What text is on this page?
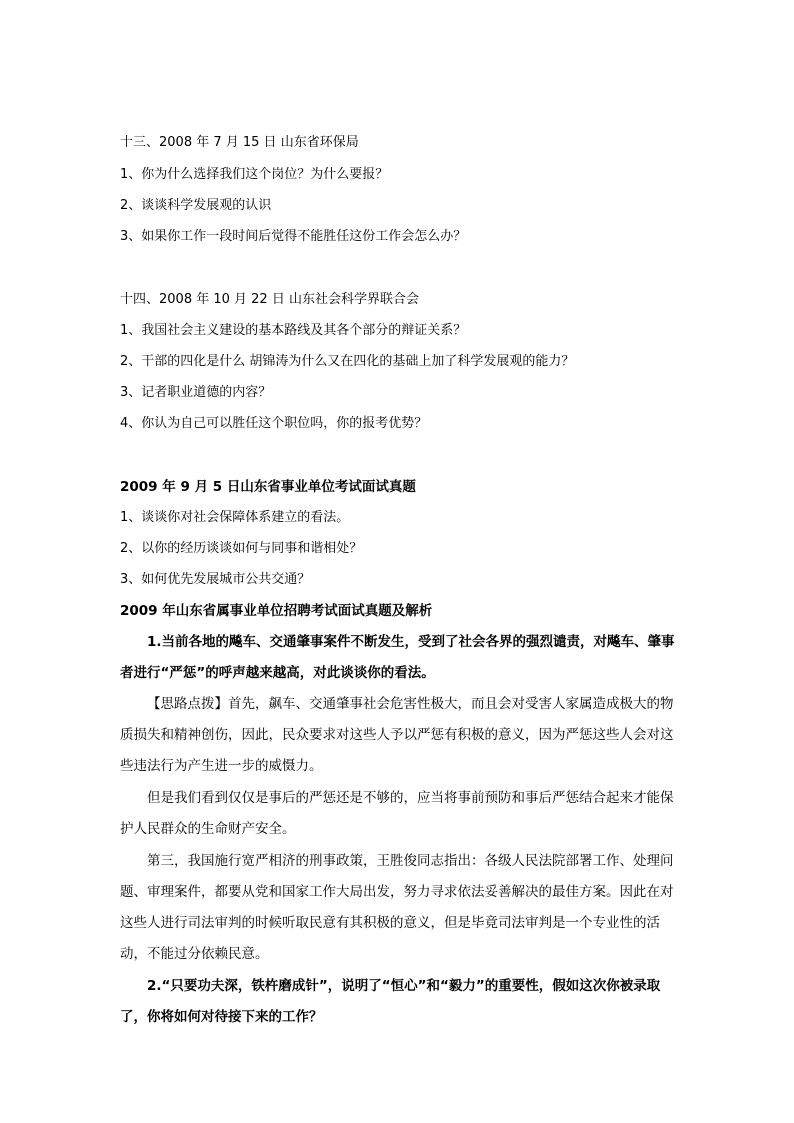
十三、2008 年 7 月 15 日 山东省环保局
1、你为什么选择我们这个岗位？为什么要报？
2、谈谈科学发展观的认识
3、如果你工作一段时间后觉得不能胜任这份工作会怎么办？
十四、2008 年 10 月 22 日 山东社会科学界联合会
1、我国社会主义建设的基本路线及其各个部分的辩证关系？
2、干部的四化是什么 胡锦涛为什么又在四化的基础上加了科学发展观的能力？
3、记者职业道德的内容？
4、你认为自己可以胜任这个职位吗，你的报考优势？
2009 年 9 月 5 日山东省事业单位考试面试真题
1、谈谈你对社会保障体系建立的看法。
2、以你的经历谈谈如何与同事和谐相处？
3、如何优先发展城市公共交通？
2009 年山东省属事业单位招聘考试面试真题及解析
1.当前各地的飚车、交通肇事案件不断发生，受到了社会各界的强烈谴责，对飚车、肇事者进行“严惩”的呼声越来越高，对此谈谈你的看法。
【思路点拨】首先，飙车、交通肇事社会危害性极大，而且会对受害人家属造成极大的物质损失和精神创伤，因此，民众要求对这些人予以严惩有积极的意义，因为严惩这些人会对这些违法行为产生进一步的威慑力。
但是我们看到仅仅是事后的严惩还是不够的，应当将事前预防和事后严惩结合起来才能保护人民群众的生命财产安全。
第三，我国施行宽严相济的刑事政策，王胜俊同志指出：各级人民法院部署工作、处理问题、审理案件，都要从党和国家工作大局出发，努力寻求依法妥善解决的最佳方案。因此在对这些人进行司法审判的时候听取民意有其积极的意义，但是毕竟司法审判是一个专业性的活动，不能过分依赖民意。
2.“只要功夫深，铁杵磨成针”，说明了“恒心”和“毅力”的重要性，假如这次你被录取了，你将如何对待接下来的工作？
